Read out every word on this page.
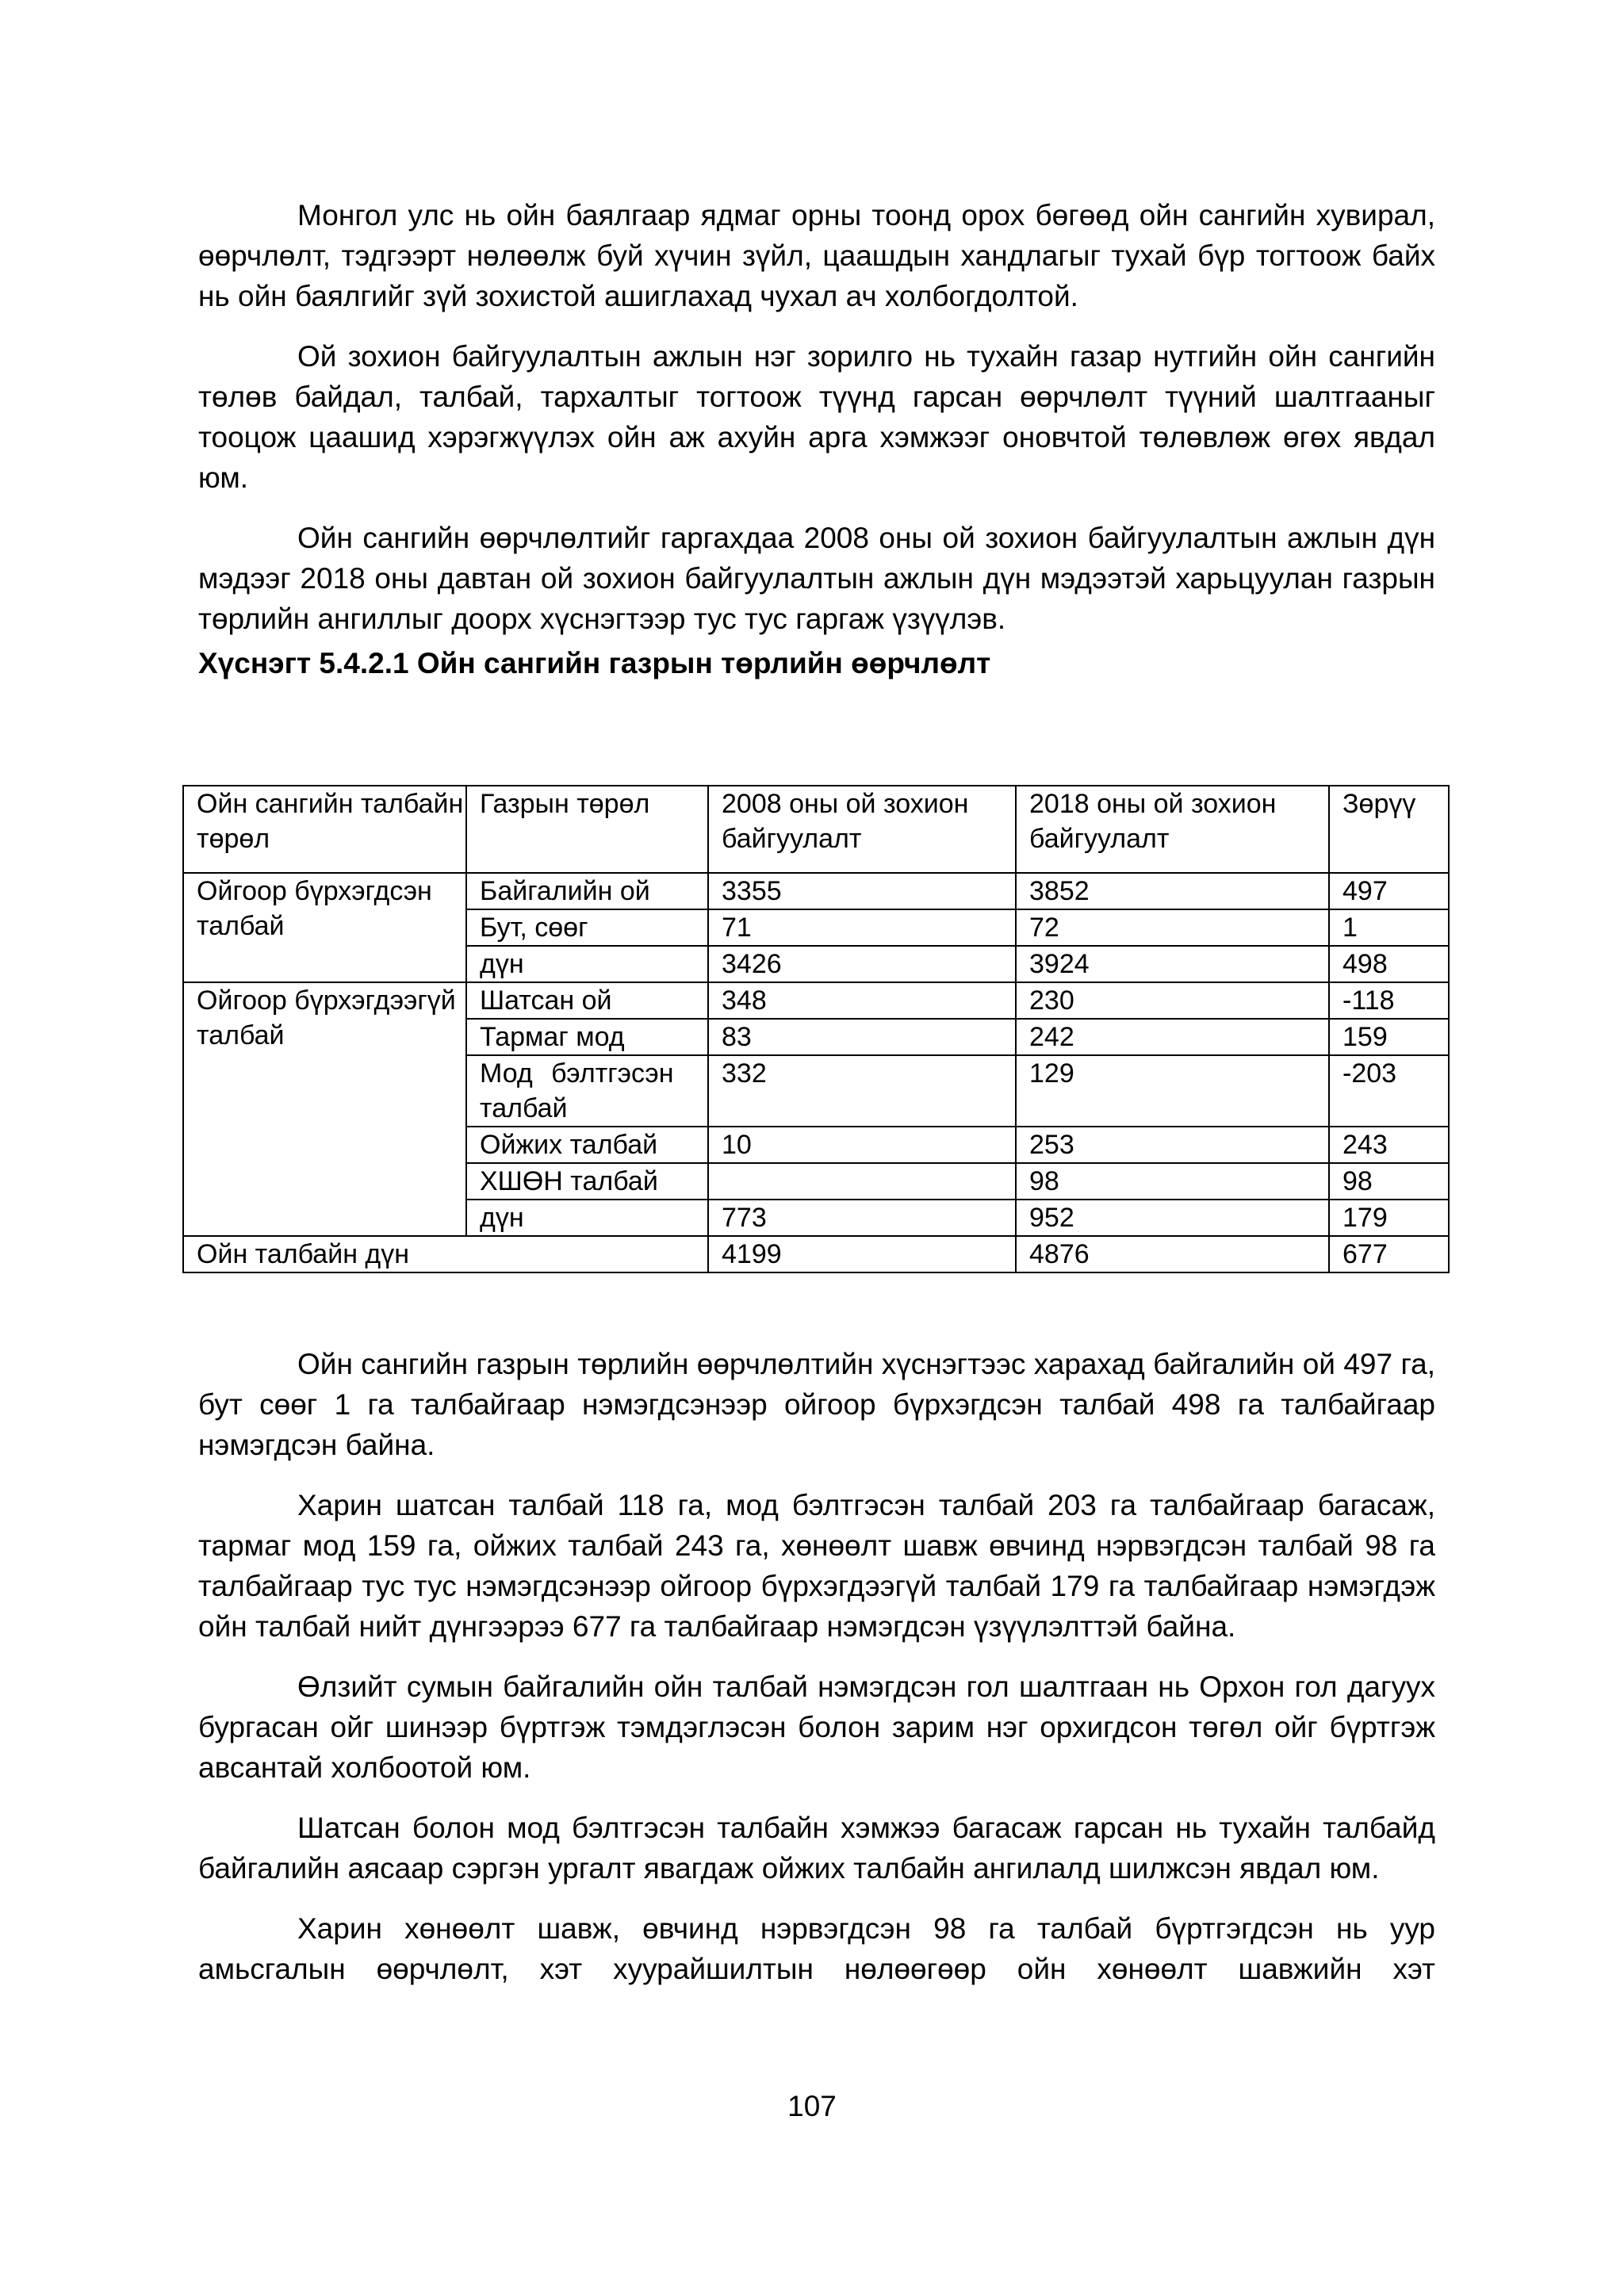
Монгол улс нь ойн баялгаар ядмаг орны тоонд орох бөгөөд ойн сангийн хувирал, өөрчлөлт, тэдгээрт нөлөөлж буй хүчин зүйл, цаашдын хандлагыг тухай бүр тогтоож байх нь ойн баялгийг зүй зохистой ашиглахад чухал ач холбогдолтой.

Ой зохион байгуулалтын ажлын нэг зорилго нь тухайн газар нутгийн ойн сангийн төлөв байдал, талбай, тархалтыг тогтоож түүнд гарсан өөрчлөлт түүний шалтгааныг тооцож цаашид хэрэгжүүлэх ойн аж ахуйн арга хэмжээг оновчтой төлөвлөж өгөх явдал юм.

Ойн сангийн өөрчлөлтийг гаргахдаа 2008 оны ой зохион байгуулалтын ажлын дүн мэдээг 2018 оны давтан ой зохион байгуулалтын ажлын дүн мэдээтэй харьцуулан газрын төрлийн ангиллыг доорх хүснэгтээр тус тус гаргаж үзүүлэв.

Хүснэгт 5.4.2.1 Ойн сангийн газрын төрлийн өөрчлөлт
Ойн сангийн талбайн төрөл	Газрын төрөл	2008 оны ой зохион байгуулалт	2018 оны ой зохион байгуулалт	Зөрүү
Ойгоор бүрхэгдсэн талбай	Байгалийн ой	3355	3852	497
	Бут, сөөг	71	72	1
	дүн	3426	3924	498
Ойгоор бүрхэгдээгүй талбай	Шатсан ой	348	230	-118
	Тармаг мод	83	242	159
	Мод бэлтгэсэн талбай	332	129	-203
	Ойжих талбай	10	253	243
	ХШӨН талбай		98	98
	дүн	773	952	179
Ойн талбайн дүн		4199	4876	677

Ойн сангийн газрын төрлийн өөрчлөлтийн хүснэгтээс харахад байгалийн ой 497 га, бут сөөг 1 га талбайгаар нэмэгдсэнээр ойгоор бүрхэгдсэн талбай 498 га талбайгаар нэмэгдсэн байна.

Харин шатсан талбай 118 га, мод бэлтгэсэн талбай 203 га талбайгаар багасаж, тармаг мод 159 га, ойжих талбай 243 га, хөнөөлт шавж өвчинд нэрвэгдсэн талбай 98 га талбайгаар тус тус нэмэгдсэнээр ойгоор бүрхэгдээгүй талбай 179 га талбайгаар нэмэгдэж ойн талбай нийт дүнгээрээ 677 га талбайгаар нэмэгдсэн үзүүлэлттэй байна.

Өлзийт сумын байгалийн ойн талбай нэмэгдсэн гол шалтгаан нь Орхон гол дагуух бургасан ойг шинээр бүртгэж тэмдэглэсэн болон зарим нэг орхигдсон төгөл ойг бүртгэж авсантай холбоотой юм.

Шатсан болон мод бэлтгэсэн талбайн хэмжээ багасаж гарсан нь тухайн талбайд байгалийн аясаар сэргэн ургалт явагдаж ойжих талбайн ангилалд шилжсэн явдал юм.

Харин хөнөөлт шавж, өвчинд нэрвэгдсэн 98 га талбай бүртгэгдсэн нь уур амьсгалын өөрчлөлт, хэт хуурайшилтын нөлөөгөөр ойн хөнөөлт шавжийн хэт

107
